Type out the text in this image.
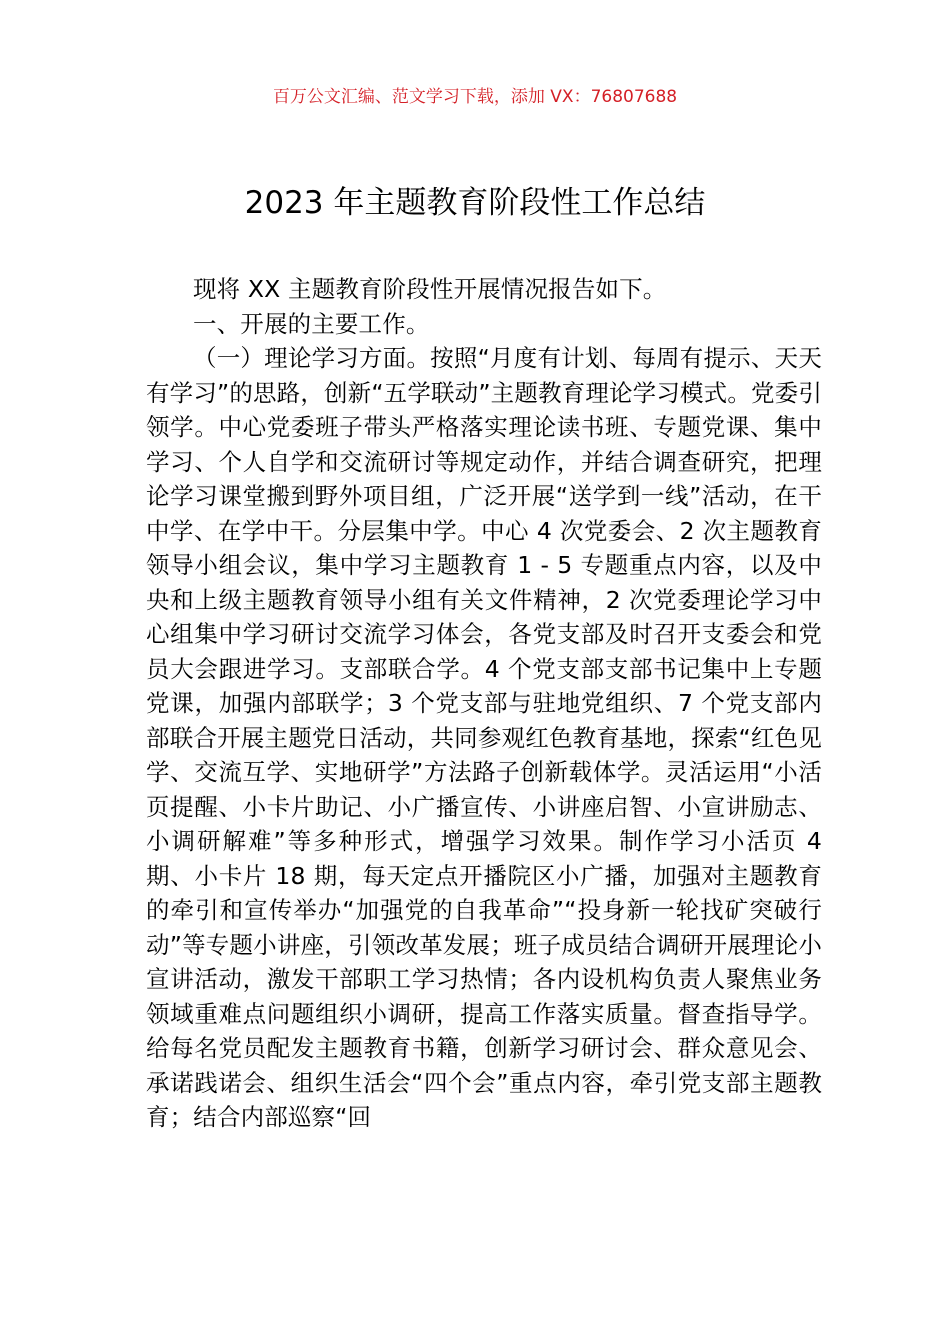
百万公文汇编、范文学习下载，添加 VX：76807688
2023 年主题教育阶段性工作总结

现将 XX 主题教育阶段性开展情况报告如下。

一、开展的主要工作。

（一）理论学习方面。按照“月度有计划、每周有提示、天天有学习”的思路，创新“五学联动”主题教育理论学习模式。党委引领学。中心党委班子带头严格落实理论读书班、专题党课、集中学习、个人自学和交流研讨等规定动作，并结合调查研究，把理论学习课堂搬到野外项目组，广泛开展“送学到一线”活动，在干中学、在学中干。分层集中学。中心 4 次党委会、2 次主题教育领导小组会议，集中学习主题教育 1 - 5 专题重点内容，以及中央和上级主题教育领导小组有关文件精神，2 次党委理论学习中心组集中学习研讨交流学习体会，各党支部及时召开支委会和党员大会跟进学习。支部联合学。4 个党支部支部书记集中上专题党课，加强内部联学；3 个党支部与驻地党组织、7 个党支部内部联合开展主题党日活动，共同参观红色教育基地，探索“红色见学、交流互学、实地研学”方法路子创新载体学。灵活运用“小活页提醒、小卡片助记、小广播宣传、小讲座启智、小宣讲励志、小调研解难”等多种形式，增强学习效果。制作学习小活页 4 期、小卡片 18 期，每天定点开播院区小广播，加强对主题教育的牵引和宣传举办“加强党的自我革命”“投身新一轮找矿突破行动”等专题小讲座，引领改革发展；班子成员结合调研开展理论小宣讲活动，激发干部职工学习热情；各内设机构负责人聚焦业务领域重难点问题组织小调研，提高工作落实质量。督查指导学。给每名党员配发主题教育书籍，创新学习研讨会、群众意见会、承诺践诺会、组织生活会“四个会”重点内容，牵引党支部主题教育；结合内部巡察“回
